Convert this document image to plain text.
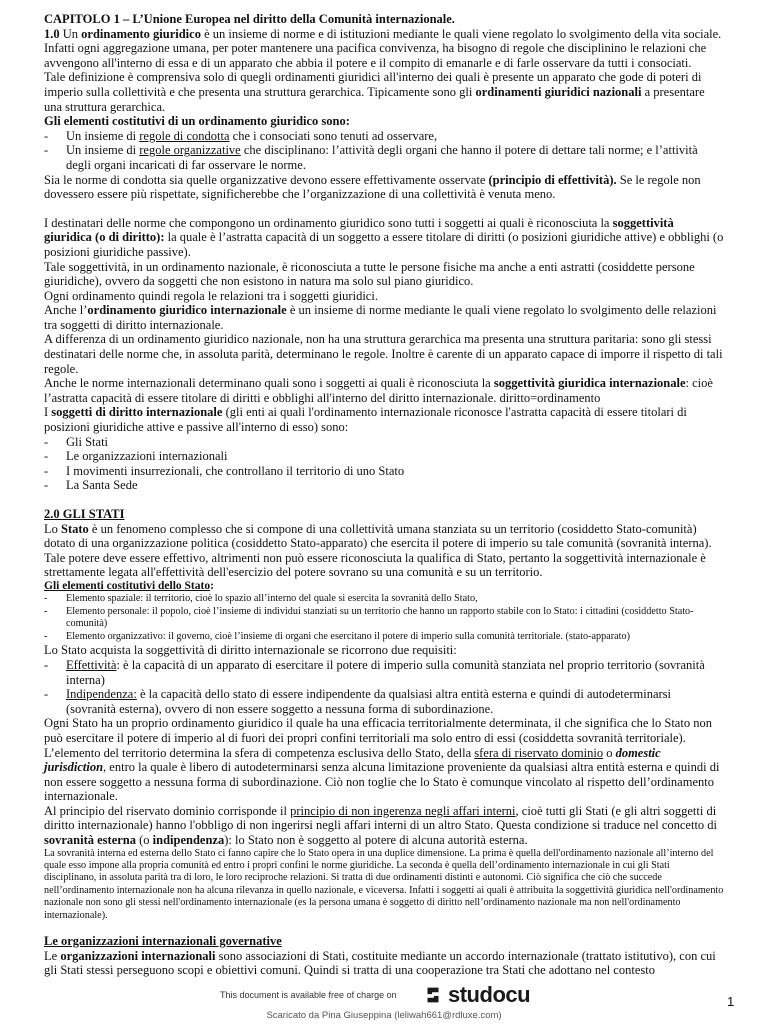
CAPITOLO 1 – L’Unione Europea nel diritto della Comunità internazionale.

1.0 Un ordinamento giuridico è un insieme di norme e di istituzioni mediante le quali viene regolato lo svolgimento della vita sociale. Infatti ogni aggregazione umana, per poter mantenere una pacifica convivenza, ha bisogno di regole che disciplinino le relazioni che avvengono all'interno di essa e di un apparato che abbia il potere e il compito di emanarle e di farle osservare da tutti i consociati.

Tale definizione è comprensiva solo di quegli ordinamenti giuridici all'interno dei quali è presente un apparato che gode di poteri di imperio sulla collettività e che presenta una struttura gerarchica. Tipicamente sono gli ordinamenti giuridici nazionali a presentare una struttura gerarchica.

Gli elementi costitutivi di un ordinamento giuridico sono:

- Un insieme di regole di condotta che i consociati sono tenuti ad osservare,
- Un insieme di regole organizzative che disciplinano: l’attività degli organi che hanno il potere di dettare tali norme; e l’attività degli organi incaricati di far osservare le norme.

Sia le norme di condotta sia quelle organizzative devono essere effettivamente osservate (principio di effettività). Se le regole non dovessero essere più rispettate, significherebbe che l’organizzazione di una collettività è venuta meno.

I destinatari delle norme che compongono un ordinamento giuridico sono tutti i soggetti ai quali è riconosciuta la soggettività giuridica (o di diritto): la quale è l’astratta capacità di un soggetto a essere titolare di diritti (o posizioni giuridiche attive) e obblighi (o posizioni giuridiche passive).

Tale soggettività, in un ordinamento nazionale, è riconosciuta a tutte le persone fisiche ma anche a enti astratti (cosiddette persone giuridiche), ovvero da soggetti che non esistono in natura ma solo sul piano giuridico.

Ogni ordinamento quindi regola le relazioni tra i soggetti giuridici.

Anche l’ordinamento giuridico internazionale è un insieme di norme mediante le quali viene regolato lo svolgimento delle relazioni tra soggetti di diritto internazionale.

A differenza di un ordinamento giuridico nazionale, non ha una struttura gerarchica ma presenta una struttura paritaria: sono gli stessi destinatari delle norme che, in assoluta parità, determinano le regole. Inoltre è carente di un apparato capace di imporre il rispetto di tali regole.

Anche le norme internazionali determinano quali sono i soggetti ai quali è riconosciuta la soggettività giuridica internazionale: cioè l’astratta capacità di essere titolare di diritti e obblighi all'interno del diritto internazionale. diritto=ordinamento

I soggetti di diritto internazionale (gli enti ai quali l'ordinamento internazionale riconosce l'astratta capacità di essere titolari di posizioni giuridiche attive e passive all'interno di esso) sono:

- Gli Stati
- Le organizzazioni internazionali
- I movimenti insurrezionali, che controllano il territorio di uno Stato
- La Santa Sede

2.0 GLI STATI

Lo Stato è un fenomeno complesso che si compone di una collettività umana stanziata su un territorio (cosiddetto Stato-comunità) dotato di una organizzazione politica (cosiddetto Stato-apparato) che esercita il potere di imperio su tale comunità (sovranità interna). Tale potere deve essere effettivo, altrimenti non può essere riconosciuta la qualifica di Stato, pertanto la soggettività internazionale è strettamente legata all'effettività dell'esercizio del potere sovrano su una comunità e su un territorio.

Gli elementi costitutivi dello Stato:

- Elemento spaziale: il territorio, cioè lo spazio all’interno del quale si esercita la sovranità dello Stato,
- Elemento personale: il popolo, cioè l’insieme di individui stanziati su un territorio che hanno un rapporto stabile con lo Stato: i cittadini (cosiddetto Stato-comunità)
- Elemento organizzativo: il governo, cioè l’insieme di organi che esercitano il potere di imperio sulla comunità territoriale. (stato-apparato)

Lo Stato acquista la soggettività di diritto internazionale se ricorrono due requisiti:

- Effettività: è la capacità di un apparato di esercitare il potere di imperio sulla comunità stanziata nel proprio territorio (sovranità interna)
- Indipendenza: è la capacità dello stato di essere indipendente da qualsiasi altra entità esterna e quindi di autodeterminarsi (sovranità esterna), ovvero di non essere soggetto a nessuna forma di subordinazione.

Ogni Stato ha un proprio ordinamento giuridico il quale ha una efficacia territorialmente determinata, il che significa che lo Stato non può esercitare il potere di imperio al di fuori dei propri confini territoriali ma solo entro di essi (cosiddetta sovranità territoriale).

L’elemento del territorio determina la sfera di competenza esclusiva dello Stato, della sfera di riservato dominio o domestic jurisdiction, entro la quale è libero di autodeterminarsi senza alcuna limitazione proveniente da qualsiasi altra entità esterna e quindi di non essere soggetto a nessuna forma di subordinazione. Ciò non toglie che lo Stato è comunque vincolato al rispetto dell’ordinamento internazionale.

Al principio del riservato dominio corrisponde il principio di non ingerenza negli affari interni, cioè tutti gli Stati (e gli altri soggetti di diritto internazionale) hanno l'obbligo di non ingerirsi negli affari interni di un altro Stato. Questa condizione si traduce nel concetto di sovranità esterna (o indipendenza): lo Stato non è soggetto al potere di alcuna autorità esterna.

La sovranità interna ed esterna dello Stato ci fanno capire che lo Stato opera in una duplice dimensione. La prima è quella dell'ordinamento nazionale all’interno del quale esso impone alla propria comunità ed entro i propri confini le norme giuridiche. La seconda è quella dell’ordinamento internazionale in cui gli Stati disciplinano, in assoluta parità tra di loro, le loro reciproche relazioni. Si tratta di due ordinamenti distinti e autonomi. Ciò significa che ciò che succede nell’ordinamento internazionale non ha alcuna rilevanza in quello nazionale, e viceversa. Infatti i soggetti ai quali è attribuita la soggettività giuridica nell'ordinamento nazionale non sono gli stessi nell'ordinamento internazionale (es la persona umana è soggetto di diritto nell’ordinamento nazionale ma non nell'ordinamento internazionale).

Le organizzazioni internazionali governative

Le organizzazioni internazionali sono associazioni di Stati, costituite mediante un accordo internazionale (trattato istitutivo), con cui gli Stati stessi perseguono scopi e obiettivi comuni. Quindi si tratta di una cooperazione tra Stati che adottano nel contesto

This document is available free of charge on studocu
Scaricato da Pina Giuseppina (leliwah661@rdluxe.com)
1
